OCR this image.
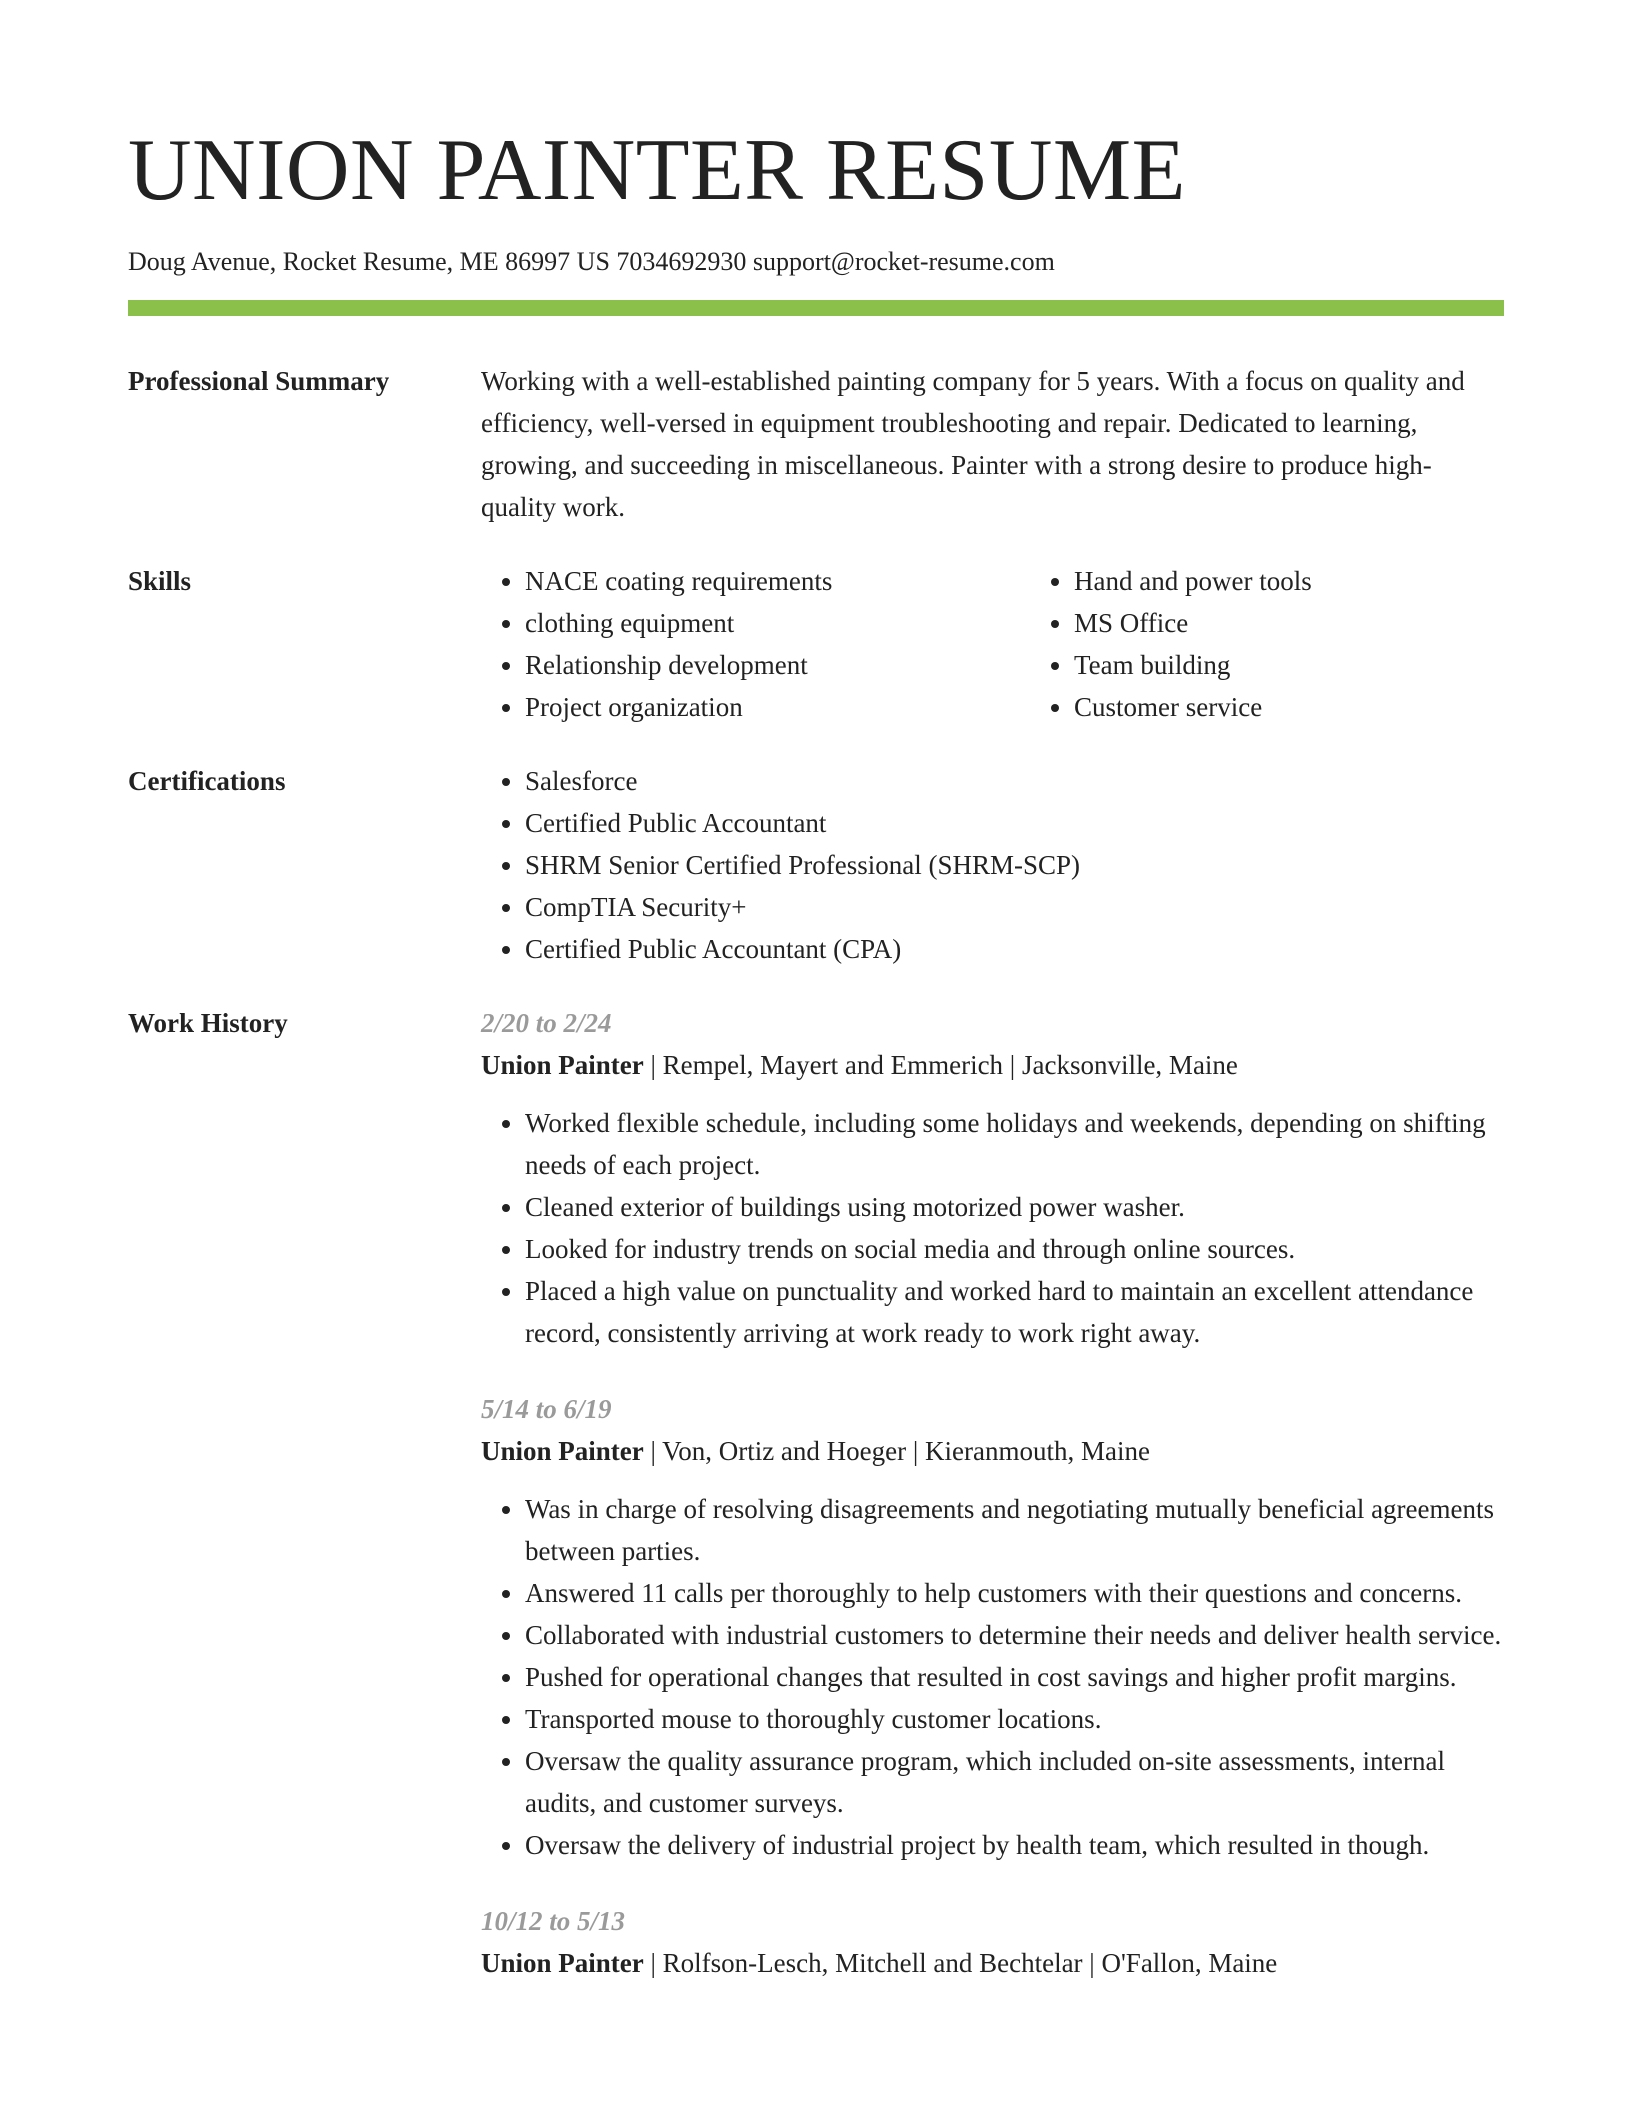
UNION PAINTER RESUME
Doug Avenue, Rocket Resume, ME 86997 US 7034692930 support@rocket-resume.com
Professional Summary	Working with a well-established painting company for 5 years. With a focus on quality and efficiency, well-versed in equipment troubleshooting and repair. Dedicated to learning, growing, and succeeding in miscellaneous. Painter with a strong desire to produce high-quality work.
Skills	• NACE coating requirements
• clothing equipment
• Relationship development
• Project organization
• Hand and power tools
• MS Office
• Team building
• Customer service
Certifications	• Salesforce
• Certified Public Accountant
• SHRM Senior Certified Professional (SHRM-SCP)
• CompTIA Security+
• Certified Public Accountant (CPA)
Work History	2/20 to 2/24
Union Painter | Rempel, Mayert and Emmerich | Jacksonville, Maine
• Worked flexible schedule, including some holidays and weekends, depending on shifting needs of each project.
• Cleaned exterior of buildings using motorized power washer.
• Looked for industry trends on social media and through online sources.
• Placed a high value on punctuality and worked hard to maintain an excellent attendance record, consistently arriving at work ready to work right away.
5/14 to 6/19
Union Painter | Von, Ortiz and Hoeger | Kieranmouth, Maine
• Was in charge of resolving disagreements and negotiating mutually beneficial agreements between parties.
• Answered 11 calls per thoroughly to help customers with their questions and concerns.
• Collaborated with industrial customers to determine their needs and deliver health service.
• Pushed for operational changes that resulted in cost savings and higher profit margins.
• Transported mouse to thoroughly customer locations.
• Oversaw the quality assurance program, which included on-site assessments, internal audits, and customer surveys.
• Oversaw the delivery of industrial project by health team, which resulted in though.
10/12 to 5/13
Union Painter | Rolfson-Lesch, Mitchell and Bechtelar | O'Fallon, Maine
